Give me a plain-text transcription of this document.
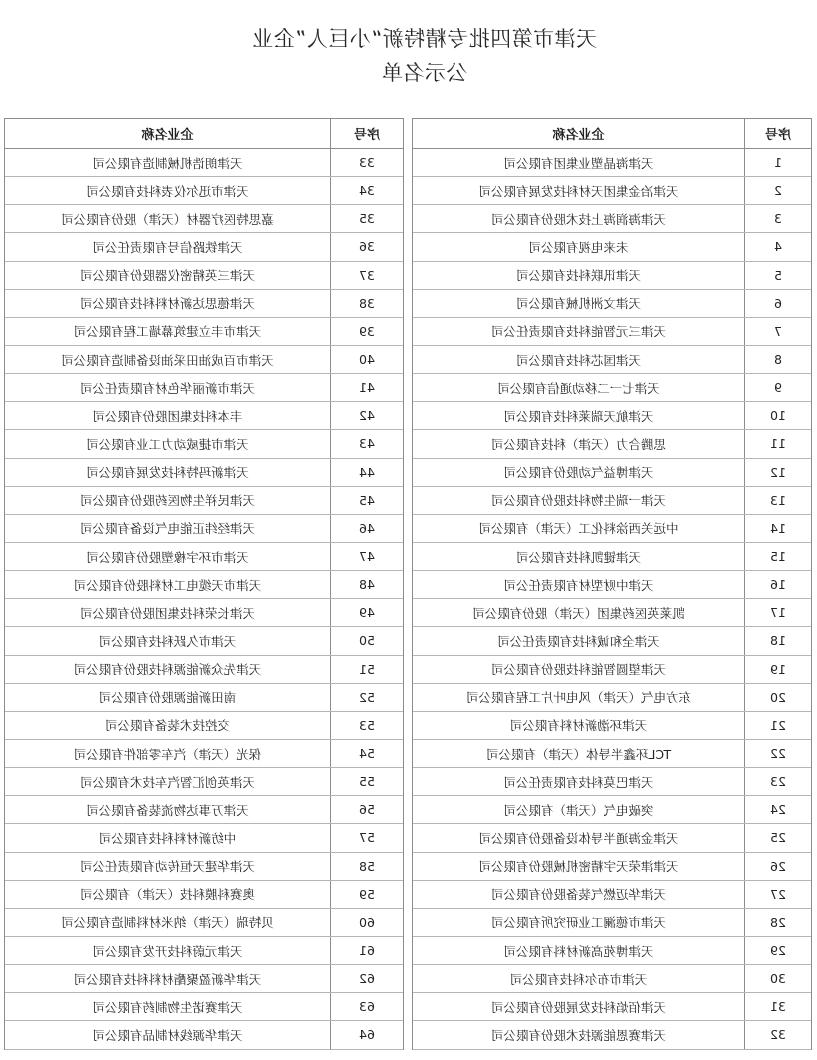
天津市第四批专精特新“小巨人”企业
公示名单
序号
企业名称
1
天津海晶塑业集团有限公司
2
天津冶金集团天材科技发展有限公司
3
天津海润海上技术股份有限公司
4
未来电视有限公司
5
天津讯联科技有限公司
6
天津文洲机械有限公司
7
天津三元智能科技有限责任公司
8
天津国芯科技有限公司
9
天津七一二移动通信有限公司
10
天津航天瑞莱科技有限公司
11
思腾合力（天津）科技有限公司
12
天津博益气动股份有限公司
13
天津一瑞生物科技股份有限公司
14
中远关西涂料化工（天津）有限公司
15
天津键凯科技有限公司
16
天津中财型材有限责任公司
17
凯莱英医药集团（天津）股份有限公司
18
天津全和诚科技有限责任公司
19
天津望圆智能科技股份有限公司
20
东方电气（天津）风电叶片工程有限公司
21
天津环渤新材料有限公司
22
TCL环鑫半导体（天津）有限公司
23
天津巴莫科技有限责任公司
24
突破电气（天津）有限公司
25
天津金海通半导体设备股份有限公司
26
天津津荣天宇精密机械股份有限公司
27
天津华迈燃气装备股份有限公司
28
天津市德澜工业研究所有限公司
29
天津博苑高新材料有限公司
30
天津市布尔科技有限公司
31
天津佰焰科技发展股份有限公司
32
天津赛恩能源技术股份有限公司
序号
企业名称
33
天津朗诰机械制造有限公司
34
天津市迅尔仪表科技有限公司
35
嘉思特医疗器材（天津）股份有限公司
36
天津铁路信号有限责任公司
37
天津三英精密仪器股份有限公司
38
天津德思达新材料科技有限公司
39
天津市丰立建筑幕墙工程有限公司
40
天津市百成油田采油设备制造有限公司
41
天津市新丽华色材有限责任公司
42
丰本科技集团股份有限公司
43
天津市捷威动力工业有限公司
44
天津新玛特科技发展有限公司
45
天津民祥生物医药股份有限公司
46
天津经纬正能电气设备有限公司
47
天津市环宇橡塑股份有限公司
48
天津市天缆电工材料股份有限公司
49
天津长荣科技集团股份有限公司
50
天津市久跃科技有限公司
51
天津先众新能源科技股份有限公司
52
南田新能源股份有限公司
53
交控技术装备有限公司
54
保光（天津）汽车零部件有限公司
55
天津英创汇智汽车技术有限公司
56
天津万事达物流装备有限公司
57
中纺新材料科技有限公司
58
天津华建天恒传动有限责任公司
59
奥赛科膜科技（天津）有限公司
60
贝特瑞（天津）纳米材料制造有限公司
61
天津元蔚科技开发有限公司
62
天津华新盈聚酯材料科技有限公司
63
天津赛诺生物制药有限公司
64
天津华源线材制品有限公司
